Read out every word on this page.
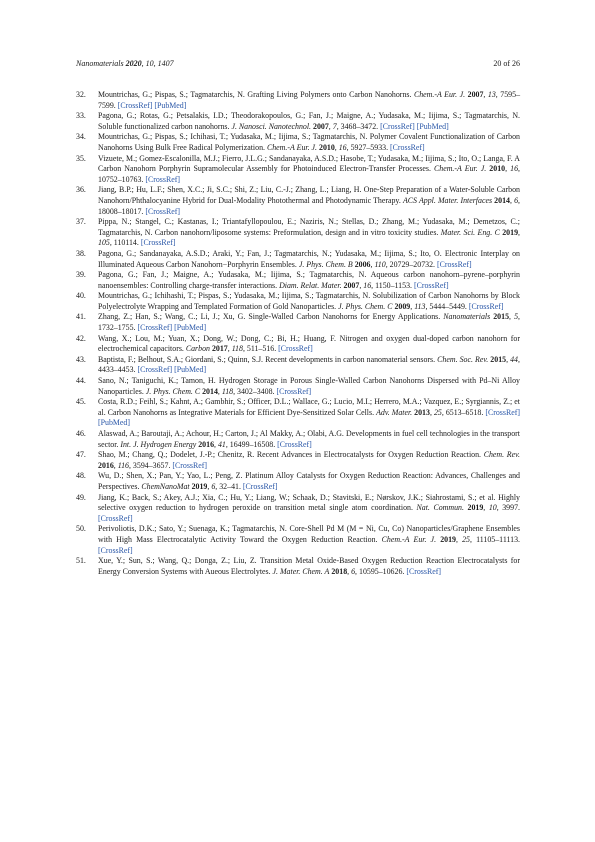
Nanomaterials 2020, 10, 1407	20 of 26

32. Mountrichas, G.; Pispas, S.; Tagmatarchis, N. Grafting Living Polymers onto Carbon Nanohorns. Chem.-A Eur. J. 2007, 13, 7595–7599. [CrossRef] [PubMed]

33. Pagona, G.; Rotas, G.; Petsalakis, I.D.; Theodorakopoulos, G.; Fan, J.; Maigne, A.; Yudasaka, M.; Iijima, S.; Tagmatarchis, N. Soluble functionalized carbon nanohorns. J. Nanosci. Nanotechnol. 2007, 7, 3468–3472. [CrossRef] [PubMed]

34. Mountrichas, G.; Pispas, S.; Ichihasi, T.; Yudasaka, M.; Iijima, S.; Tagmatarchis, N. Polymer Covalent Functionalization of Carbon Nanohorns Using Bulk Free Radical Polymerization. Chem.-A Eur. J. 2010, 16, 5927–5933. [CrossRef]

35. Vizuete, M.; Gomez-Escalonilla, M.J.; Fierro, J.L.G.; Sandanayaka, A.S.D.; Hasobe, T.; Yudasaka, M.; Iijima, S.; Ito, O.; Langa, F. A Carbon Nanohorn Porphyrin Supramolecular Assembly for Photoinduced Electron-Transfer Processes. Chem.-A Eur. J. 2010, 16, 10752–10763. [CrossRef]

36. Jiang, B.P.; Hu, L.F.; Shen, X.C.; Ji, S.C.; Shi, Z.; Liu, C.-J.; Zhang, L.; Liang, H. One-Step Preparation of a Water-Soluble Carbon Nanohorn/Phthalocyanine Hybrid for Dual-Modality Photothermal and Photodynamic Therapy. ACS Appl. Mater. Interfaces 2014, 6, 18008–18017. [CrossRef]

37. Pippa, N.; Stangel, C.; Kastanas, I.; Triantafyllopoulou, E.; Naziris, N.; Stellas, D.; Zhang, M.; Yudasaka, M.; Demetzos, C.; Tagmatarchis, N. Carbon nanohorn/liposome systems: Preformulation, design and in vitro toxicity studies. Mater. Sci. Eng. C 2019, 105, 110114. [CrossRef]

38. Pagona, G.; Sandanayaka, A.S.D.; Araki, Y.; Fan, J.; Tagmatarchis, N.; Yudasaka, M.; Iijima, S.; Ito, O. Electronic Interplay on Illuminated Aqueous Carbon Nanohorn−Porphyrin Ensembles. J. Phys. Chem. B 2006, 110, 20729–20732. [CrossRef]

39. Pagona, G.; Fan, J.; Maigne, A.; Yudasaka, M.; Iijima, S.; Tagmatarchis, N. Aqueous carbon nanohorn–pyrene–porphyrin nanoensembles: Controlling charge-transfer interactions. Diam. Relat. Mater. 2007, 16, 1150–1153. [CrossRef]

40. Mountrichas, G.; Ichihashi, T.; Pispas, S.; Yudasaka, M.; Iijima, S.; Tagmatarchis, N. Solubilization of Carbon Nanohorns by Block Polyelectrolyte Wrapping and Templated Formation of Gold Nanoparticles. J. Phys. Chem. C 2009, 113, 5444–5449. [CrossRef]

41. Zhang, Z.; Han, S.; Wang, C.; Li, J.; Xu, G. Single-Walled Carbon Nanohorns for Energy Applications. Nanomaterials 2015, 5, 1732–1755. [CrossRef] [PubMed]

42. Wang, X.; Lou, M.; Yuan, X.; Dong, W.; Dong, C.; Bi, H.; Huang, F. Nitrogen and oxygen dual-doped carbon nanohorn for electrochemical capacitors. Carbon 2017, 118, 511–516. [CrossRef]

43. Baptista, F.; Belhout, S.A.; Giordani, S.; Quinn, S.J. Recent developments in carbon nanomaterial sensors. Chem. Soc. Rev. 2015, 44, 4433–4453. [CrossRef] [PubMed]

44. Sano, N.; Taniguchi, K.; Tamon, H. Hydrogen Storage in Porous Single-Walled Carbon Nanohorns Dispersed with Pd–Ni Alloy Nanoparticles. J. Phys. Chem. C 2014, 118, 3402–3408. [CrossRef]

45. Costa, R.D.; Feihl, S.; Kahnt, A.; Gambhir, S.; Officer, D.L.; Wallace, G.; Lucio, M.I.; Herrero, M.A.; Vazquez, E.; Syrgiannis, Z.; et al. Carbon Nanohorns as Integrative Materials for Efficient Dye-Sensitized Solar Cells. Adv. Mater. 2013, 25, 6513–6518. [CrossRef] [PubMed]

46. Alaswad, A.; Baroutaji, A.; Achour, H.; Carton, J.; Al Makky, A.; Olabi, A.G. Developments in fuel cell technologies in the transport sector. Int. J. Hydrogen Energy 2016, 41, 16499–16508. [CrossRef]

47. Shao, M.; Chang, Q.; Dodelet, J.-P.; Chenitz, R. Recent Advances in Electrocatalysts for Oxygen Reduction Reaction. Chem. Rev. 2016, 116, 3594–3657. [CrossRef]

48. Wu, D.; Shen, X.; Pan, Y.; Yao, L.; Peng, Z. Platinum Alloy Catalysts for Oxygen Reduction Reaction: Advances, Challenges and Perspectives. ChemNanoMat 2019, 6, 32–41. [CrossRef]

49. Jiang, K.; Back, S.; Akey, A.J.; Xia, C.; Hu, Y.; Liang, W.; Schaak, D.; Stavitski, E.; Nørskov, J.K.; Siahrostami, S.; et al. Highly selective oxygen reduction to hydrogen peroxide on transition metal single atom coordination. Nat. Commun. 2019, 10, 3997. [CrossRef]

50. Perivoliotis, D.K.; Sato, Y.; Suenaga, K.; Tagmatarchis, N. Core-Shell Pd M (M = Ni, Cu, Co) Nanoparticles/Graphene Ensembles with High Mass Electrocatalytic Activity Toward the Oxygen Reduction Reaction. Chem.-A Eur. J. 2019, 25, 11105–11113. [CrossRef]

51. Xue, Y.; Sun, S.; Wang, Q.; Donga, Z.; Liu, Z. Transition Metal Oxide-Based Oxygen Reduction Reaction Electrocatalysts for Energy Conversion Systems with Aueous Electrolytes. J. Mater. Chem. A 2018, 6, 10595–10626. [CrossRef]
